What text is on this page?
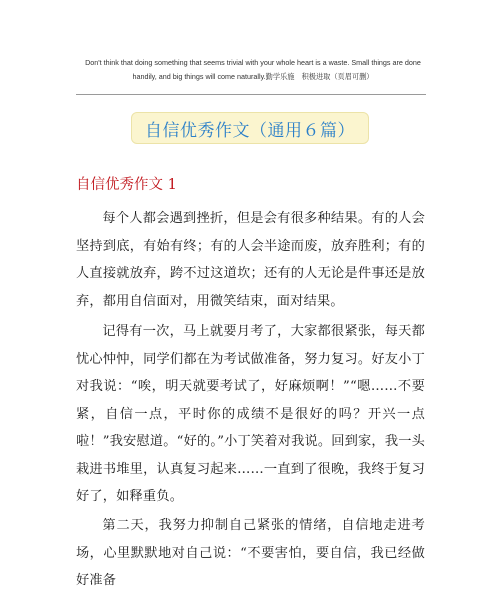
Don't think that doing something that seems trivial with your whole heart is a waste. Small things are done handily, and big things will come naturally.勤学乐施　积极进取（页眉可删）
自信优秀作文（通用６篇）
自信优秀作文 1

每个人都会遇到挫折，但是会有很多种结果。有的人会坚持到底，有始有终；有的人会半途而废，放弃胜利；有的人直接就放弃，跨不过这道坎；还有的人无论是件事还是放弃，都用自信面对，用微笑结束，面对结果。

记得有一次，马上就要月考了，大家都很紧张，每天都忧心忡忡，同学们都在为考试做准备，努力复习。好友小丁对我说：“唉，明天就要考试了，好麻烦啊！”“嗯……不要紧，自信一点，平时你的成绩不是很好的吗？开兴一点啦！”我安慰道。“好的。”小丁笑着对我说。回到家，我一头栽进书堆里，认真复习起来……一直到了很晚，我终于复习好了，如释重负。

第二天，我努力抑制自己紧张的情绪，自信地走进考场，心里默默地对自己说：“不要害怕，要自信，我已经做好准备
